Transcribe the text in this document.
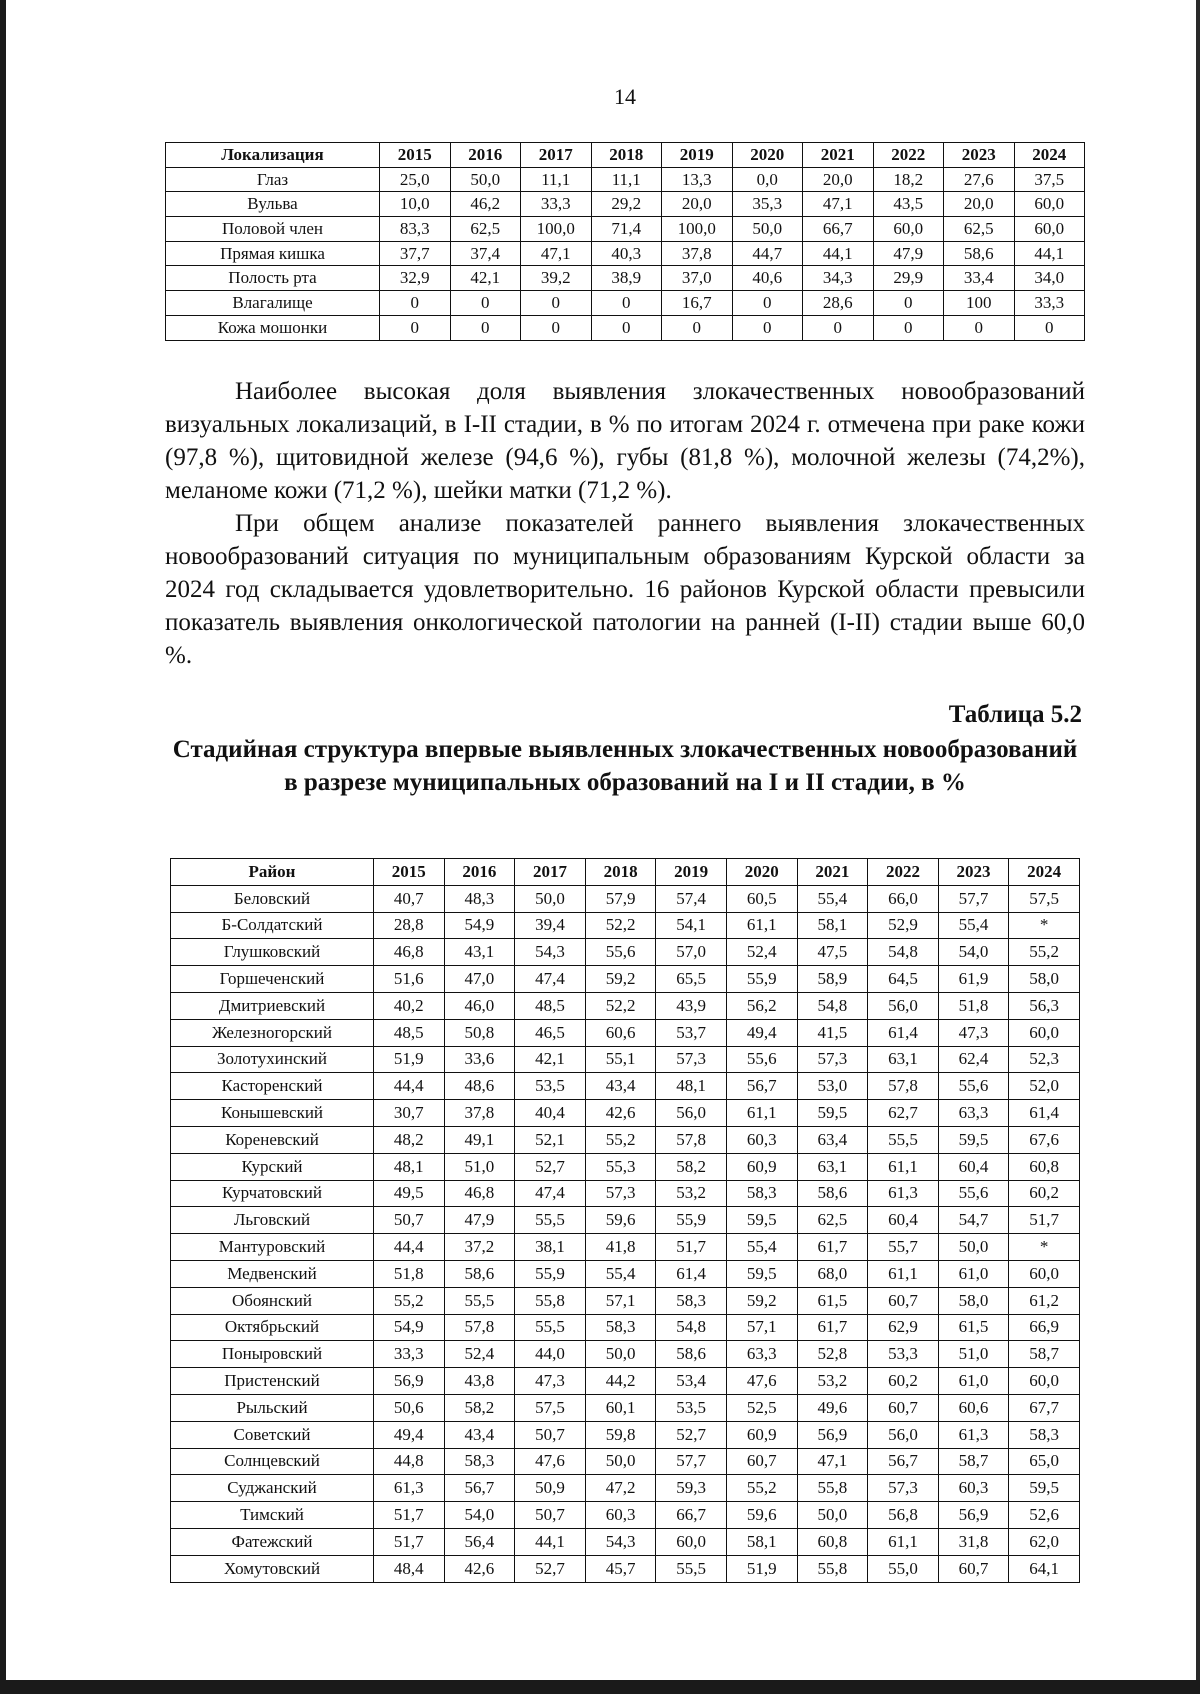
14
Локализация	2015	2016	2017	2018	2019	2020	2021	2022	2023	2024
Глаз	25,0	50,0	11,1	11,1	13,3	0,0	20,0	18,2	27,6	37,5
Вульва	10,0	46,2	33,3	29,2	20,0	35,3	47,1	43,5	20,0	60,0
Половой член	83,3	62,5	100,0	71,4	100,0	50,0	66,7	60,0	62,5	60,0
Прямая кишка	37,7	37,4	47,1	40,3	37,8	44,7	44,1	47,9	58,6	44,1
Полость рта	32,9	42,1	39,2	38,9	37,0	40,6	34,3	29,9	33,4	34,0
Влагалище	0	0	0	0	16,7	0	28,6	0	100	33,3
Кожа мошонки	0	0	0	0	0	0	0	0	0	0

Наиболее высокая доля выявления злокачественных новообразований визуальных локализаций, в I-II стадии, в % по итогам 2024 г. отмечена при раке кожи (97,8 %), щитовидной железе (94,6 %), губы (81,8 %), молочной железы (74,2%), меланоме кожи (71,2 %), шейки матки (71,2 %).

При общем анализе показателей раннего выявления злокачественных новообразований ситуация по муниципальным образованиям Курской области за 2024 год складывается удовлетворительно. 16 районов Курской области превысили показатель выявления онкологической патологии на ранней (I-II) стадии выше 60,0 %.

Таблица 5.2

Стадийная структура впервые выявленных злокачественных новообразований в разрезе муниципальных образований на I и II стадии, в %

Район	2015	2016	2017	2018	2019	2020	2021	2022	2023	2024
Беловский	40,7	48,3	50,0	57,9	57,4	60,5	55,4	66,0	57,7	57,5
Б-Солдатский	28,8	54,9	39,4	52,2	54,1	61,1	58,1	52,9	55,4	*
Глушковский	46,8	43,1	54,3	55,6	57,0	52,4	47,5	54,8	54,0	55,2
Горшеченский	51,6	47,0	47,4	59,2	65,5	55,9	58,9	64,5	61,9	58,0
Дмитриевский	40,2	46,0	48,5	52,2	43,9	56,2	54,8	56,0	51,8	56,3
Железногорский	48,5	50,8	46,5	60,6	53,7	49,4	41,5	61,4	47,3	60,0
Золотухинский	51,9	33,6	42,1	55,1	57,3	55,6	57,3	63,1	62,4	52,3
Касторенский	44,4	48,6	53,5	43,4	48,1	56,7	53,0	57,8	55,6	52,0
Конышевский	30,7	37,8	40,4	42,6	56,0	61,1	59,5	62,7	63,3	61,4
Кореневский	48,2	49,1	52,1	55,2	57,8	60,3	63,4	55,5	59,5	67,6
Курский	48,1	51,0	52,7	55,3	58,2	60,9	63,1	61,1	60,4	60,8
Курчатовский	49,5	46,8	47,4	57,3	53,2	58,3	58,6	61,3	55,6	60,2
Льговский	50,7	47,9	55,5	59,6	55,9	59,5	62,5	60,4	54,7	51,7
Мантуровский	44,4	37,2	38,1	41,8	51,7	55,4	61,7	55,7	50,0	*
Медвенский	51,8	58,6	55,9	55,4	61,4	59,5	68,0	61,1	61,0	60,0
Обоянский	55,2	55,5	55,8	57,1	58,3	59,2	61,5	60,7	58,0	61,2
Октябрьский	54,9	57,8	55,5	58,3	54,8	57,1	61,7	62,9	61,5	66,9
Поныровский	33,3	52,4	44,0	50,0	58,6	63,3	52,8	53,3	51,0	58,7
Пристенский	56,9	43,8	47,3	44,2	53,4	47,6	53,2	60,2	61,0	60,0
Рыльский	50,6	58,2	57,5	60,1	53,5	52,5	49,6	60,7	60,6	67,7
Советский	49,4	43,4	50,7	59,8	52,7	60,9	56,9	56,0	61,3	58,3
Солнцевский	44,8	58,3	47,6	50,0	57,7	60,7	47,1	56,7	58,7	65,0
Суджанский	61,3	56,7	50,9	47,2	59,3	55,2	55,8	57,3	60,3	59,5
Тимский	51,7	54,0	50,7	60,3	66,7	59,6	50,0	56,8	56,9	52,6
Фатежский	51,7	56,4	44,1	54,3	60,0	58,1	60,8	61,1	31,8	62,0
Хомутовский	48,4	42,6	52,7	45,7	55,5	51,9	55,8	55,0	60,7	64,1
